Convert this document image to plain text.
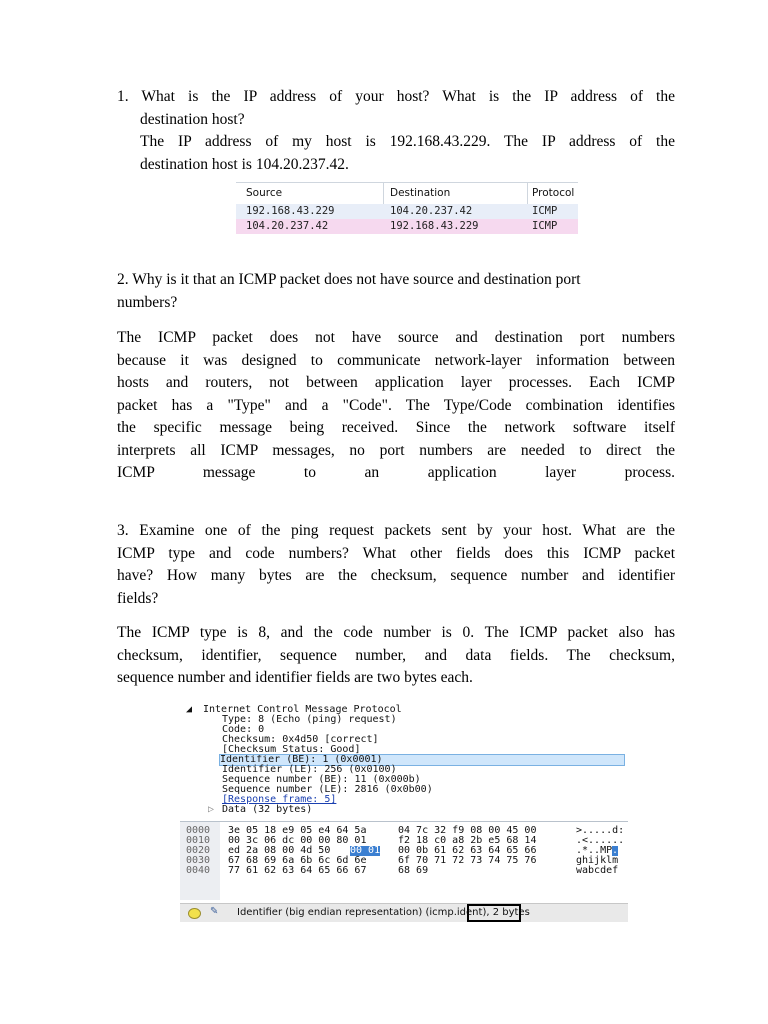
1. What is the IP address of your host? What is the IP address of the
destination host?
The IP address of my host is 192.168.43.229. The IP address of the
destination host is 104.20.237.42.
Source	Destination	Protocol
192.168.43.229	104.20.237.42	ICMP
104.20.237.42	192.168.43.229	ICMP
2. Why is it that an ICMP packet does not have source and destination port
numbers?
The ICMP packet does not have source and destination port numbers
because it was designed to communicate network-layer information between
hosts and routers, not between application layer processes. Each ICMP
packet has a "Type" and a "Code". The Type/Code combination identifies
the specific message being received. Since the network software itself
interprets all ICMP messages, no port numbers are needed to direct the
ICMP message to an application layer process.
3. Examine one of the ping request packets sent by your host. What are the
ICMP type and code numbers? What other fields does this ICMP packet
have? How many bytes are the checksum, sequence number and identifier
fields?
The ICMP type is 8, and the code number is 0. The ICMP packet also has
checksum, identifier, sequence number, and data fields. The checksum,
sequence number and identifier fields are two bytes each.
◢ Internet Control Message Protocol
Type: 8 (Echo (ping) request)
Code: 0
Checksum: 0x4d50 [correct]
[Checksum Status: Good]
Identifier (BE): 1 (0x0001)
Identifier (LE): 256 (0x0100)
Sequence number (BE): 11 (0x000b)
Sequence number (LE): 2816 (0x0b00)
[Response frame: 5]
▷ Data (32 bytes)
0000 3e 05 18 e9 05 e4 64 5a	04 7c 32 f9 08 00 45 00	>.....d:
0010 00 3c 06 dc 00 00 80 01	f2 18 c0 a8 2b e5 68 14	.<......
0020 ed 2a 08 00 4d 50 00 01 00 0b 61 62 63 64 65 66	.*..MP .
0030 67 68 69 6a 6b 6c 6d 6e	6f 70 71 72 73 74 75 76	ghijklm
0040 77 61 62 63 64 65 66 67	68 69	wabcdef
✎ Identifier (big endian representation) (icmp.ident), 2 bytes
